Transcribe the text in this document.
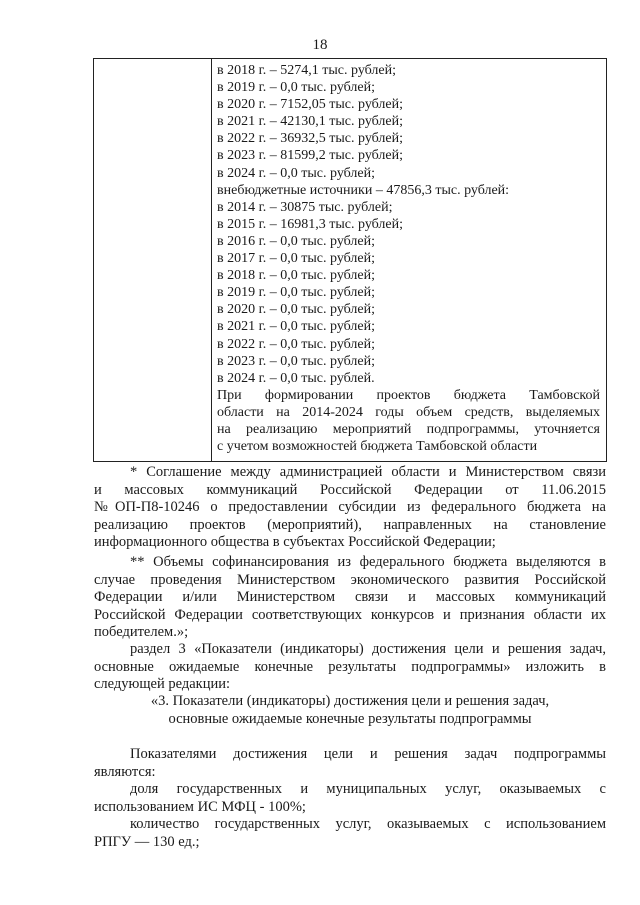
18
в 2018 г. – 5274,1 тыс. рублей;
в 2019 г. – 0,0 тыс. рублей;
в 2020 г. – 7152,05 тыс. рублей;
в 2021 г. – 42130,1 тыс. рублей;
в 2022 г. – 36932,5 тыс. рублей;
в 2023 г. – 81599,2 тыс. рублей;
в 2024 г. – 0,0 тыс. рублей;
внебюджетные источники – 47856,3 тыс. рублей:
в 2014 г. – 30875 тыс. рублей;
в 2015 г. – 16981,3 тыс. рублей;
в 2016 г. – 0,0 тыс. рублей;
в 2017 г. – 0,0 тыс. рублей;
в 2018 г. – 0,0 тыс. рублей;
в 2019 г. – 0,0 тыс. рублей;
в 2020 г. – 0,0 тыс. рублей;
в 2021 г. – 0,0 тыс. рублей;
в 2022 г. – 0,0 тыс. рублей;
в 2023 г. – 0,0 тыс. рублей;
в 2024 г. – 0,0 тыс. рублей.
При формировании проектов бюджета Тамбовской
области на 2014-2024 годы объем средств, выделяемых
на реализацию мероприятий подпрограммы, уточняется
с учетом возможностей бюджета Тамбовской области
* Соглашение между администрацией области и Министерством связи
и массовых коммуникаций Российской Федерации от 11.06.2015
№ОП-П8-10246 о предоставлении субсидии из федерального бюджета на
реализацию проектов (мероприятий), направленных на становление
информационного общества в субъектах Российской Федерации;
** Объемы софинансирования из федерального бюджета выделяются в
случае проведения Министерством экономического развития Российской
Федерации и/или Министерством связи и массовых коммуникаций
Российской Федерации соответствующих конкурсов и признания области их
победителем.»;
раздел 3 «Показатели (индикаторы) достижения цели и решения задач,
основные ожидаемые конечные результаты подпрограммы» изложить в
следующей редакции:
«3. Показатели (индикаторы) достижения цели и решения задач,
основные ожидаемые конечные результаты подпрограммы
Показателями достижения цели и решения задач подпрограммы
являются:
доля государственных и муниципальных услуг, оказываемых с
использованием ИС МФЦ - 100%;
количество государственных услуг, оказываемых с использованием
РПГУ — 130 ед.;
